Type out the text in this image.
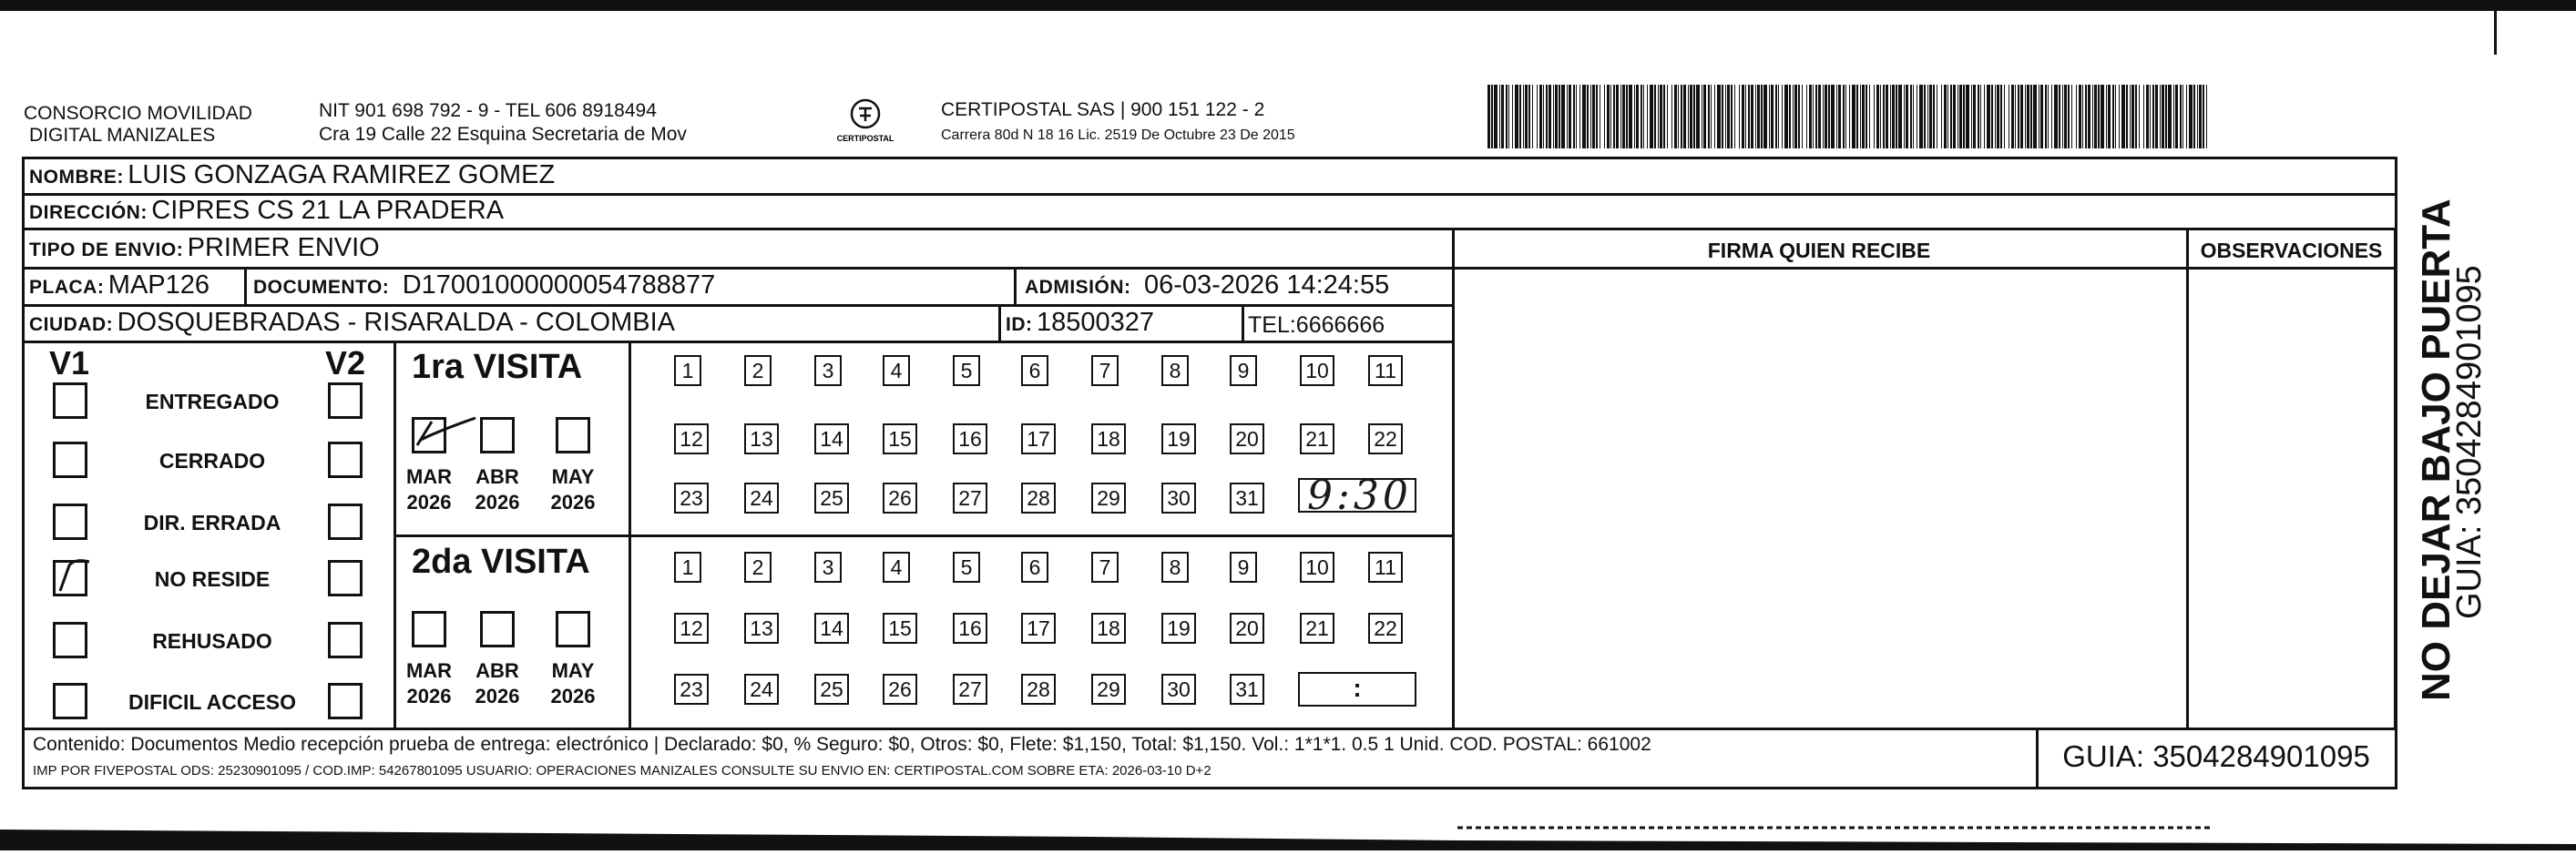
CONSORCIO MOVILIDAD
DIGITAL MANIZALES
NIT 901 698 792 - 9 - TEL 606 8918494
Cra 19 Calle 22 Esquina Secretaria de Mov	CERTIPOSTAL
CERTIPOSTAL SAS | 900 151 122 - 2
Carrera 80d N 18 16 Lic. 2519 De Octubre 23 De 2015
NOMBRE: LUIS GONZAGA RAMIREZ GOMEZ
DIRECCIÓN: CIPRES CS 21 LA PRADERA
TIPO DE ENVIO: PRIMER ENVIO
PLACA: MAP126 DOCUMENTO: D17001000000054788877	ADMISIÓN: 06-03-2026 14:24:55
CIUDAD: DOSQUEBRADAS - RISARALDA - COLOMBIA	ID: 18500327	TEL:6666666
FIRMA QUIEN RECIBE	OBSERVACIONES
V1	V2
ENTREGADO
CERRADO
DIR. ERRADA
NO RESIDE
REHUSADO
DIFICIL ACCESO
1ra VISITA
2da VISITA
MAR
2026
ABR
2026
MAY
2026
MAR
2026
ABR
2026
MAY
2026
1	2	3	4	5	6	7	8	9	10	11
12 13 14 15 16 17 18 19 20 21 22
23 24 25 26 27 28 29 30 31
1	2	3	4	5	6	7	8	9	10	11
12 13 14 15 16 17 18 19 20 21 22
23 24 25 26 27 28 29 30 31
9:30
:
Contenido: Documentos Medio recepción prueba de entrega: electrónico | Declarado: $0, % Seguro: $0, Otros: $0, Flete: $1,150, Total: $1,150. Vol.: 1*1*1. 0.5 1 Unid. COD. POSTAL: 661002
IMP POR FIVEPOSTAL ODS: 25230901095 / COD.IMP: 54267801095 USUARIO: OPERACIONES MANIZALES CONSULTE SU ENVIO EN: CERTIPOSTAL.COM SOBRE ETA: 2026-03-10 D+2	GUIA: 3504284901095
NO DEJAR BAJO PUERTA
GUIA: 3504284901095
